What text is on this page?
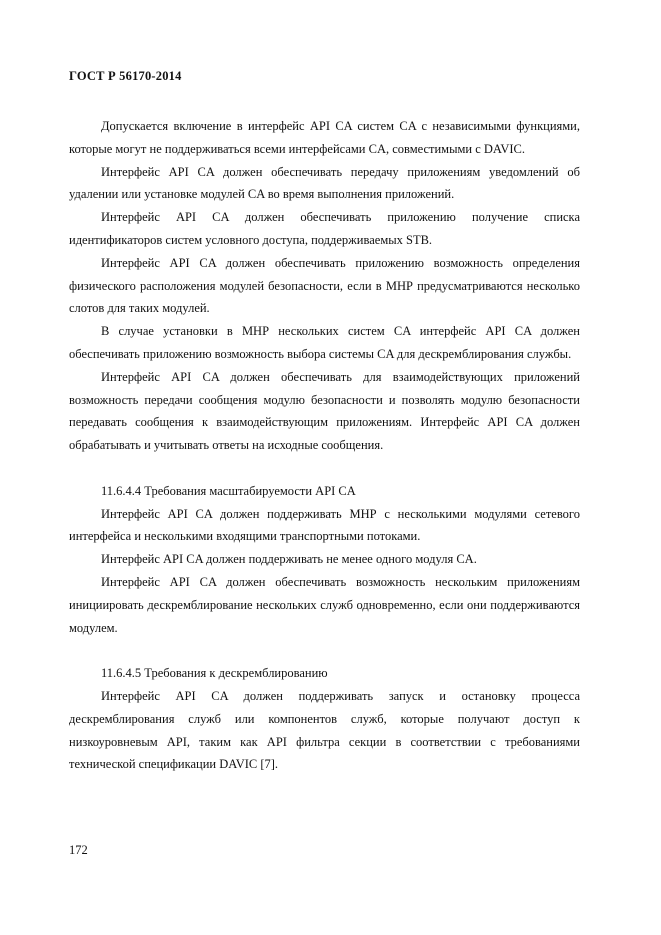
ГОСТ Р 56170-2014

Допускается включение в интерфейс API CA систем CA с независимыми функциями, которые могут не поддерживаться всеми интерфейсами CA, совместимыми с DAVIC.

Интерфейс API CA должен обеспечивать передачу приложениям уведомлений об удалении или установке модулей CA во время выполнения приложений.

Интерфейс API CA должен обеспечивать приложению получение списка идентификаторов систем условного доступа, поддерживаемых STB.

Интерфейс API CA должен обеспечивать приложению возможность определения физического расположения модулей безопасности, если в МНР предусматриваются несколько слотов для таких модулей.

В случае установки в МНР нескольких систем CA интерфейс API CA должен обеспечивать приложению возможность выбора системы CA для дескремблирования службы.

Интерфейс API CA должен обеспечивать для взаимодействующих приложений возможность передачи сообщения модулю безопасности и позволять модулю безопасности передавать сообщения к взаимодействующим приложениям. Интерфейс API CA должен обрабатывать и учитывать ответы на исходные сообщения.

11.6.4.4 Требования масштабируемости API CA

Интерфейс API CA должен поддерживать МНР с несколькими модулями сетевого интерфейса и несколькими входящими транспортными потоками.

Интерфейс API CA должен поддерживать не менее одного модуля CA.

Интерфейс API CA должен обеспечивать возможность нескольким приложениям инициировать дескремблирование нескольких служб одновременно, если они поддерживаются модулем.

11.6.4.5 Требования к дескремблированию

Интерфейс API CA должен поддерживать запуск и остановку процесса дескремблирования служб или компонентов служб, которые получают доступ к низкоуровневым API, таким как API фильтра секции в соответствии с требованиями технической спецификации DAVIC [7].

172
